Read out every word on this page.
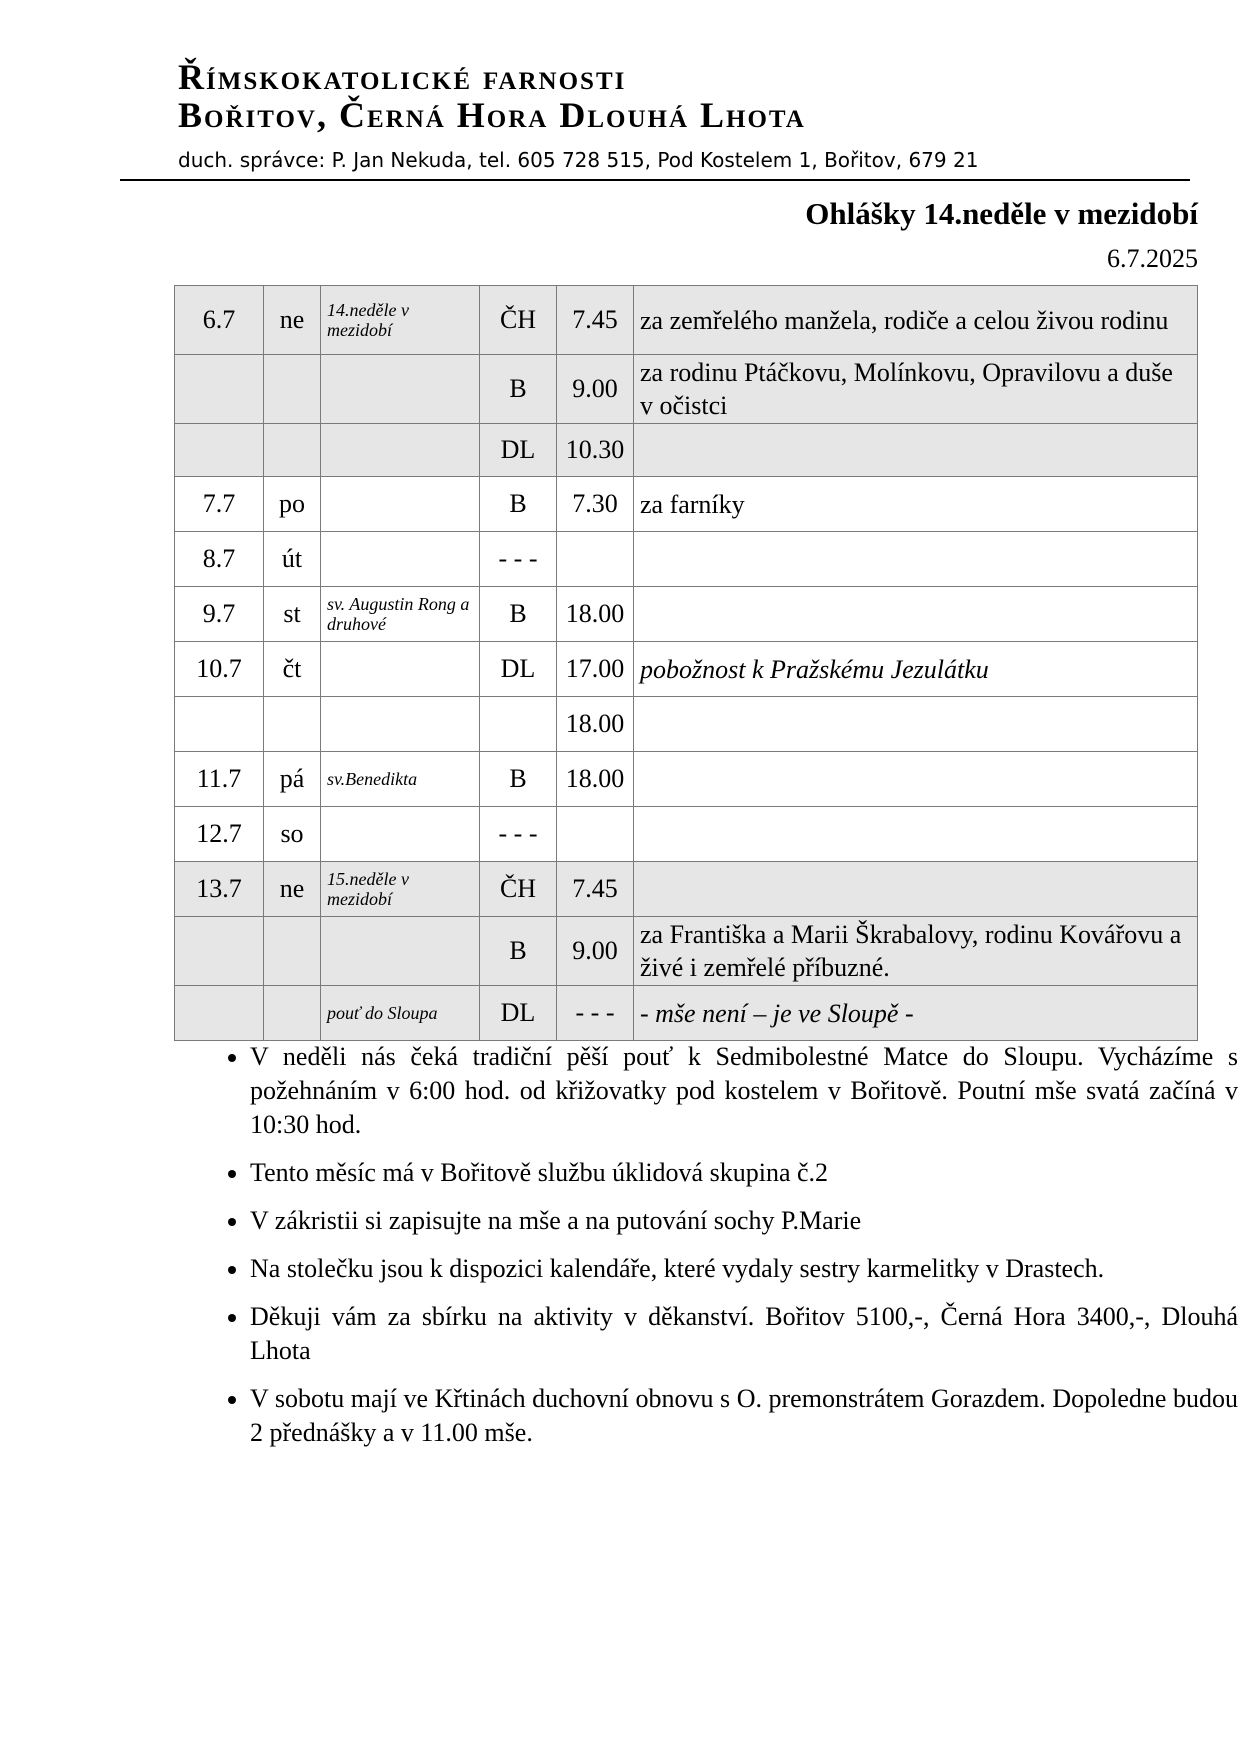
Římskokatolické farnosti
Bořitov, Černá Hora Dlouhá Lhota
duch. správce: P. Jan Nekuda, tel. 605 728 515, Pod Kostelem 1, Bořitov, 679 21
Ohlášky 14.neděle v mezidobí
6.7.2025
6.7	ne	14.neděle v mezidobí	ČH	7.45	za zemřelého manžela, rodiče a celou živou rodinu
			B	9.00	za rodinu Ptáčkovu, Molínkovu, Opravilovu a duše v očistci
			DL	10.30	
7.7	po		B	7.30	za farníky
8.7	út		- - -		
9.7	st	sv. Augustin Rong a druhové	B	18.00	
10.7	čt		DL	17.00	pobožnost k Pražskému Jezulátku
				18.00	
11.7	pá	sv.Benedikta	B	18.00	
12.7	so		- - -		
13.7	ne	15.neděle v mezidobí	ČH	7.45	
			B	9.00	za Františka a Marii Škrabalovy, rodinu Kovářovu a živé i zemřelé příbuzné.
		pouť do Sloupa	DL	- - -	- mše není – je ve Sloupě -
• V neděli nás čeká tradiční pěší pouť k Sedmibolestné Matce do Sloupu. Vycházíme s požehnáním v 6:00 hod. od křižovatky pod kostelem v Bořitově. Poutní mše svatá začíná v 10:30 hod.
• Tento měsíc má v Bořitově službu úklidová skupina č.2
• V zákristii si zapisujte na mše a na putování sochy P.Marie
• Na stolečku jsou k dispozici kalendáře, které vydaly sestry karmelitky v Drastech.
• Děkuji vám za sbírku na aktivity v děkanství. Bořitov 5100,-, Černá Hora 3400,-, Dlouhá Lhota
• V sobotu mají ve Křtinách duchovní obnovu s O. premonstrátem Gorazdem. Dopoledne budou 2 přednášky a v 11.00 mše.
